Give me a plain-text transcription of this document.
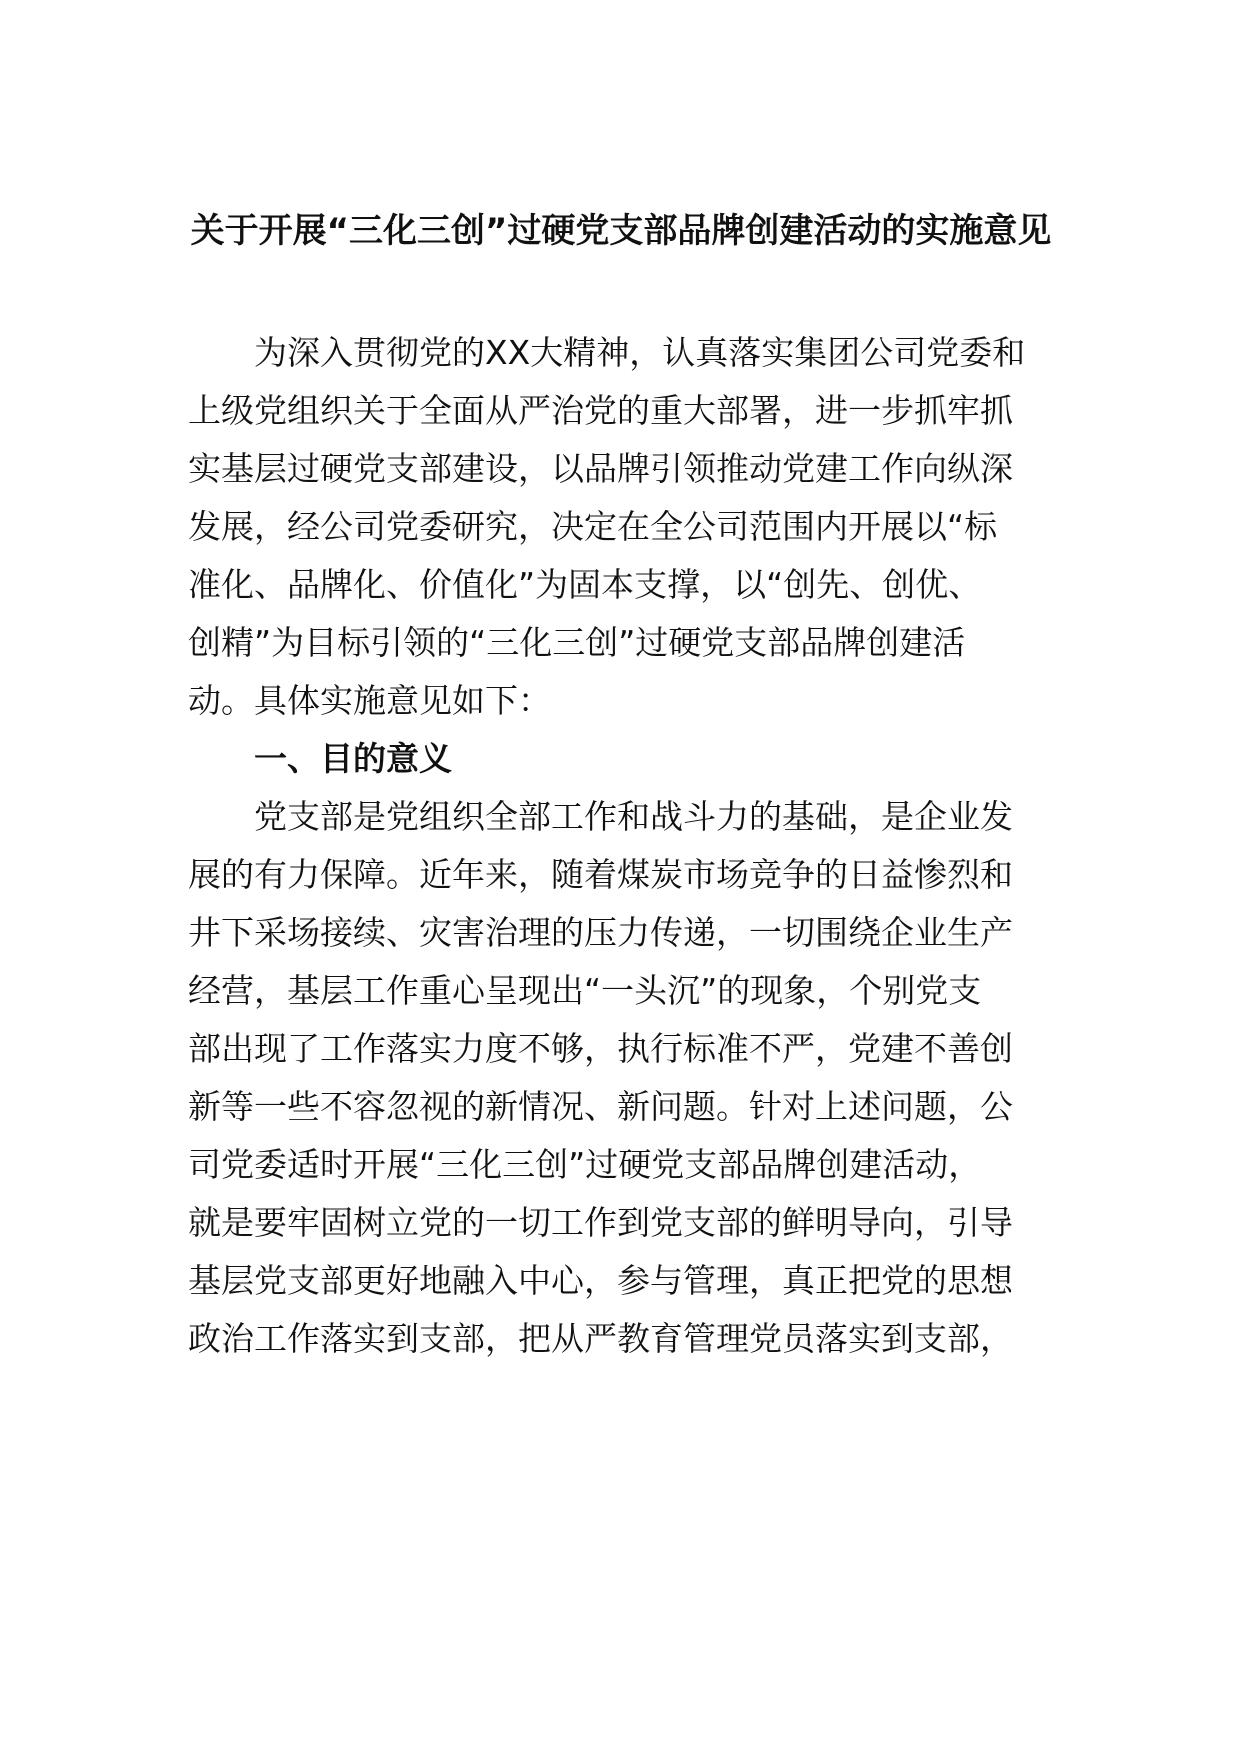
关于开展“三化三创”过硬党支部品牌创建活动的实施意见

为深入贯彻党的XX大精神，认真落实集团公司党委和

上级党组织关于全面从严治党的重大部署，进一步抓牢抓

实基层过硬党支部建设，以品牌引领推动党建工作向纵深

发展，经公司党委研究，决定在全公司范围内开展以“标

准化、品牌化、价值化”为固本支撑，以“创先、创优、

创精”为目标引领的“三化三创”过硬党支部品牌创建活

动。具体实施意见如下：

一、目的意义

党支部是党组织全部工作和战斗力的基础，是企业发

展的有力保障。近年来，随着煤炭市场竞争的日益惨烈和

井下采场接续、灾害治理的压力传递，一切围绕企业生产

经营，基层工作重心呈现出“一头沉”的现象，个别党支

部出现了工作落实力度不够，执行标准不严，党建不善创

新等一些不容忽视的新情况、新问题。针对上述问题，公

司党委适时开展“三化三创”过硬党支部品牌创建活动，

就是要牢固树立党的一切工作到党支部的鲜明导向，引导

基层党支部更好地融入中心，参与管理，真正把党的思想

政治工作落实到支部，把从严教育管理党员落实到支部，
